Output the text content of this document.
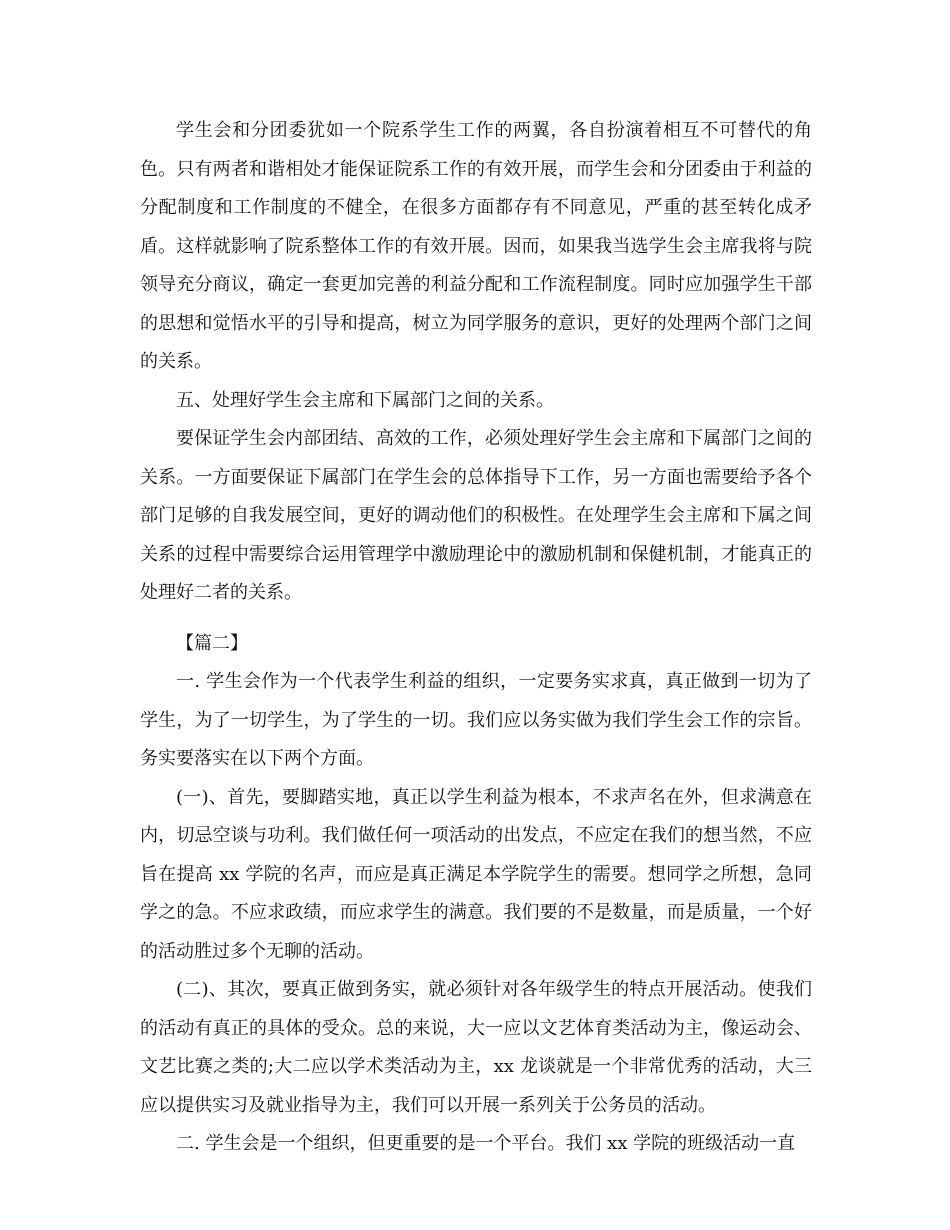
学生会和分团委犹如一个院系学生工作的两翼，各自扮演着相互不可替代的角色。只有两者和谐相处才能保证院系工作的有效开展，而学生会和分团委由于利益的分配制度和工作制度的不健全，在很多方面都存有不同意见，严重的甚至转化成矛盾。这样就影响了院系整体工作的有效开展。因而，如果我当选学生会主席我将与院领导充分商议，确定一套更加完善的利益分配和工作流程制度。同时应加强学生干部的思想和觉悟水平的引导和提高，树立为同学服务的意识，更好的处理两个部门之间的关系。

五、处理好学生会主席和下属部门之间的关系。

要保证学生会内部团结、高效的工作，必须处理好学生会主席和下属部门之间的关系。一方面要保证下属部门在学生会的总体指导下工作，另一方面也需要给予各个部门足够的自我发展空间，更好的调动他们的积极性。在处理学生会主席和下属之间关系的过程中需要综合运用管理学中激励理论中的激励机制和保健机制，才能真正的处理好二者的关系。

【篇二】

一. 学生会作为一个代表学生利益的组织，一定要务实求真，真正做到一切为了学生，为了一切学生，为了学生的一切。我们应以务实做为我们学生会工作的宗旨。务实要落实在以下两个方面。

(一)、首先，要脚踏实地，真正以学生利益为根本，不求声名在外，但求满意在内，切忌空谈与功利。我们做任何一项活动的出发点，不应定在我们的想当然，不应旨在提高 xx 学院的名声，而应是真正满足本学院学生的需要。想同学之所想，急同学之的急。不应求政绩，而应求学生的满意。我们要的不是数量，而是质量，一个好的活动胜过多个无聊的活动。

(二)、其次，要真正做到务实，就必须针对各年级学生的特点开展活动。使我们的活动有真正的具体的受众。总的来说，大一应以文艺体育类活动为主，像运动会、文艺比赛之类的;大二应以学术类活动为主，xx 龙谈就是一个非常优秀的活动，大三应以提供实习及就业指导为主，我们可以开展一系列关于公务员的活动。

二. 学生会是一个组织，但更重要的是一个平台。我们 xx 学院的班级活动一直
